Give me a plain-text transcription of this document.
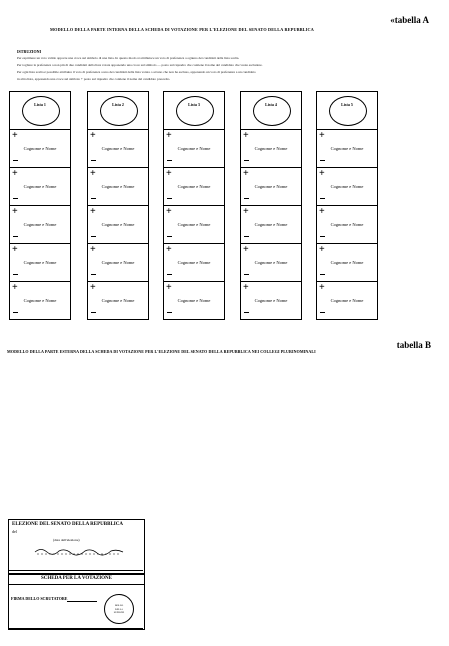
«tabella A
MODELLO DELLA PARTE INTERNA DELLA SCHEDA DI VOTAZIONE PER L'ELEZIONE DEL SENATO DELLA REPUBBLICA
ISTRUZIONI
Per esprimere un voto valido apporre una croce sul simbolo di una lista. In questo modo si attribuisce un voto di preferenza a ognuno dei candidati della lista scelta.
Per togliere la preferenza a non più di due candidati della lista votata apponendo una croce sul simbolo — posto sul riquadro che contiene il nome del candidato che vuole escludere.
Per ogni lista scelta è possibile attribuire il voto di preferenza a uno dei candidati della lista votata o ad uno che non ha escluso, apponendo un voto di preferenza a un candidato
in altra lista, apponendo una croce sul simbolo + posto sul riquadro che contiene il nome del candidato prescelto.
Lista 1
+
Cognome e Nome
+
Cognome e Nome
+
Cognome e Nome
+
Cognome e Nome
+
Cognome e Nome
Lista 2
+
Cognome e Nome
+
Cognome e Nome
+
Cognome e Nome
+
Cognome e Nome
+
Cognome e Nome
Lista 3
+
Cognome e Nome
+
Cognome e Nome
+
Cognome e Nome
+
Cognome e Nome
+
Cognome e Nome
Lista 4
+
Cognome e Nome
+
Cognome e Nome
+
Cognome e Nome
+
Cognome e Nome
+
Cognome e Nome
Lista 5
+
Cognome e Nome
+
Cognome e Nome
+
Cognome e Nome
+
Cognome e Nome
+
Cognome e Nome
tabella B
MODELLO DELLA PARTE ESTERNA DELLA SCHEDA DI VOTAZIONE PER L'ELEZIONE DEL SENATO DELLA REPUBBLICA NEI COLLEGI PLURINOMINALI
ELEZIONE DEL SENATO DELLA REPUBBLICA
del
(data dell'elezione)
SCHEDA PER LA VOTAZIONE
FIRMA DELLO SCRUTATORE
BOLLO
DELLA
SEZIONE
